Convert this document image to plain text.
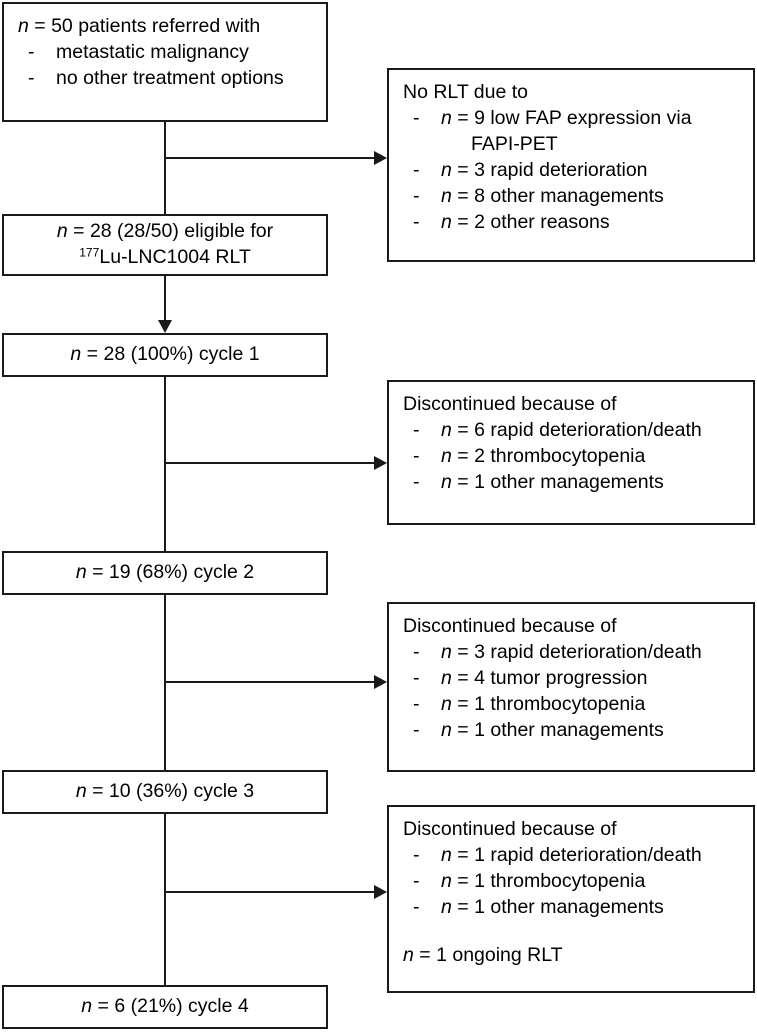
n = 50 patients referred with
- metastatic malignancy
- no other treatment options
n = 28 (28/50) eligible for
$^{177}$Lu-LNC1004 RLT
n = 28 (100%) cycle 1
n = 19 (68%) cycle 2
n = 10 (36%) cycle 3
n = 6 (21%) cycle 4
No RLT due to
- n = 9 low FAP expression via
FAPI-PET
- n = 3 rapid deterioration
- n = 8 other managements
- n = 2 other reasons
Discontinued because of
- n = 6 rapid deterioration/death
- n = 2 thrombocytopenia
- n = 1 other managements
Discontinued because of
- n = 3 rapid deterioration/death
- n = 4 tumor progression
- n = 1 thrombocytopenia
- n = 1 other managements
Discontinued because of
- n = 1 rapid deterioration/death
- n = 1 thrombocytopenia
- n = 1 other managements
n = 1 ongoing RLT
